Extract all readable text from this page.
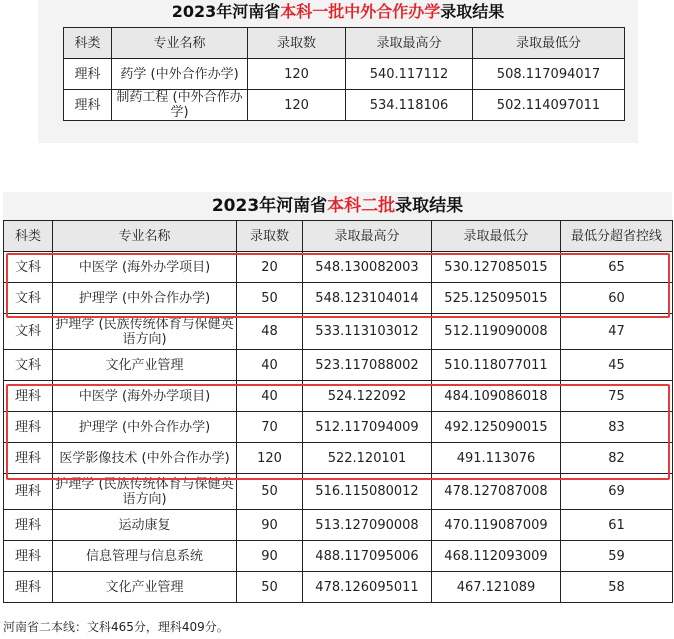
2023年河南省本科一批中外合作办学录取结果
科类	专业名称	录取数	录取最高分	录取最低分
理科	药学 (中外合作办学)	120	540.117112	508.117094017
理科	制药工程 (中外合作办学)	120	534.118106	502.114097011
2023年河南省本科二批录取结果
科类	专业名称	录取数	录取最高分	录取最低分	最低分超省控线
文科	中医学 (海外办学项目)	20	548.130082003	530.127085015	65
文科	护理学 (中外合作办学)	50	548.123104014	525.125095015	60
文科	护理学 (民族传统体育与保健英语方向)	48	533.113103012	512.119090008	47
文科	文化产业管理	40	523.117088002	510.118077011	45
理科	中医学 (海外办学项目)	40	524.122092	484.109086018	75
理科	护理学 (中外合作办学)	70	512.117094009	492.125090015	83
理科	医学影像技术 (中外合作办学)	120	522.120101	491.113076	82
理科	护理学 (民族传统体育与保健英语方向)	50	516.115080012	478.127087008	69
理科	运动康复	90	513.127090008	470.119087009	61
理科	信息管理与信息系统	90	488.117095006	468.112093009	59
理科	文化产业管理	50	478.126095011	467.121089	58
河南省二本线：文科465分，理科409分。
